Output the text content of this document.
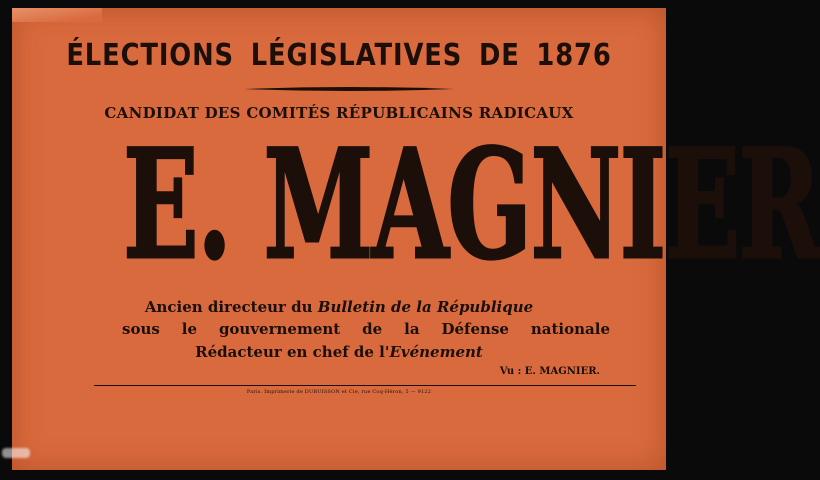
ÉLECTIONS LÉGISLATIVES DE 1876
CANDIDAT DES COMITÉS RÉPUBLICAINS RADICAUX
E. MAGNIER
Ancien directeur du Bulletin de la République
sous le gouvernement de la Défense nationale
Rédacteur en chef de l'Evénement
Vu : E. MAGNIER.
Paris. Imprimerie de DUBUISSON et Cie, rue Coq-Héron, 5 — 9122
